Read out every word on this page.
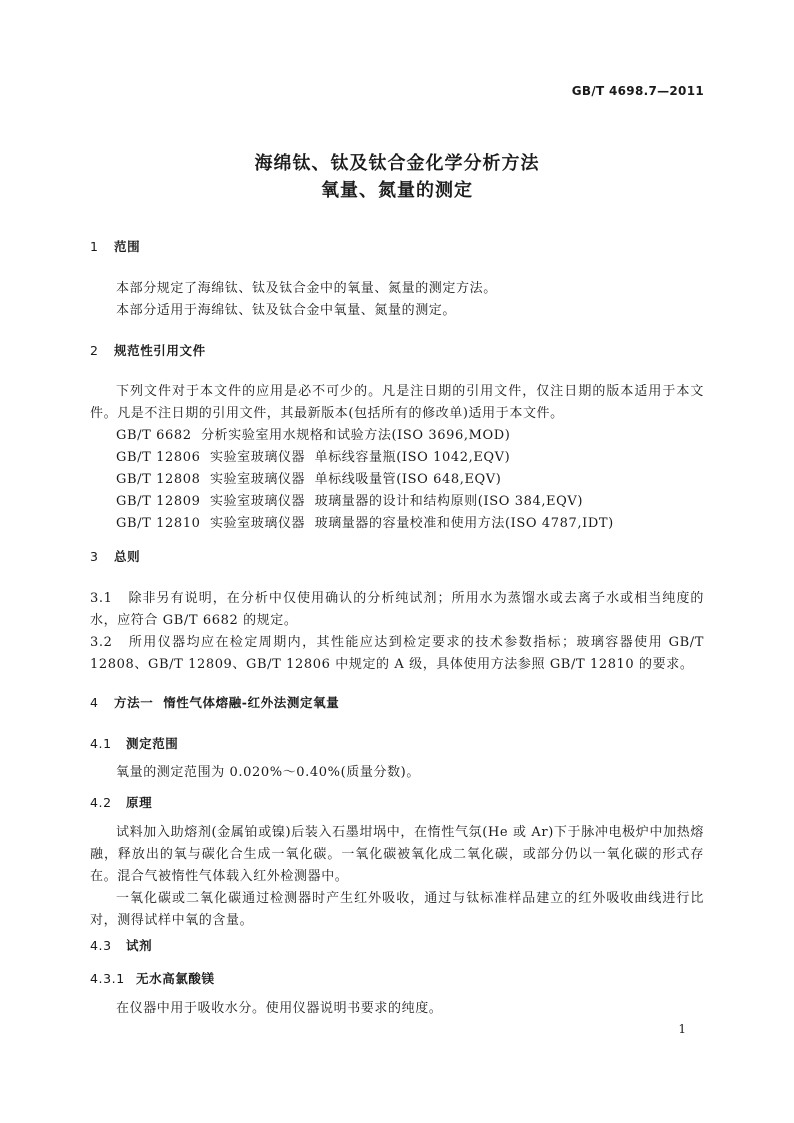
GB/T 4698.7—2011
海绵钛、钛及钛合金化学分析方法
氧量、氮量的测定
1 范围
本部分规定了海绵钛、钛及钛合金中的氧量、氮量的测定方法。
本部分适用于海绵钛、钛及钛合金中氧量、氮量的测定。
2 规范性引用文件
下列文件对于本文件的应用是必不可少的。凡是注日期的引用文件，仅注日期的版本适用于本文件。凡是不注日期的引用文件，其最新版本(包括所有的修改单)适用于本文件。
GB/T 6682  分析实验室用水规格和试验方法(ISO 3696,MOD)
GB/T 12806  实验室玻璃仪器  单标线容量瓶(ISO 1042,EQV)
GB/T 12808  实验室玻璃仪器  单标线吸量管(ISO 648,EQV)
GB/T 12809  实验室玻璃仪器  玻璃量器的设计和结构原则(ISO 384,EQV)
GB/T 12810  实验室玻璃仪器  玻璃量器的容量校准和使用方法(ISO 4787,IDT)
3 总则
3.1 除非另有说明，在分析中仅使用确认的分析纯试剂；所用水为蒸馏水或去离子水或相当纯度的水，应符合 GB/T 6682 的规定。
3.2 所用仪器均应在检定周期内，其性能应达到检定要求的技术参数指标；玻璃容器使用 GB/T 12808、GB/T 12809、GB/T 12806 中规定的 A 级，具体使用方法参照 GB/T 12810 的要求。
4 方法一  惰性气体熔融-红外法测定氧量
4.1 测定范围
氧量的测定范围为 0.020%～0.40%(质量分数)。
4.2 原理
试料加入助熔剂(金属铂或镍)后装入石墨坩埚中，在惰性气氛(He 或 Ar)下于脉冲电极炉中加热熔融，释放出的氧与碳化合生成一氧化碳。一氧化碳被氧化成二氧化碳，或部分仍以一氧化碳的形式存在。混合气被惰性气体载入红外检测器中。
一氧化碳或二氧化碳通过检测器时产生红外吸收，通过与钛标准样品建立的红外吸收曲线进行比对，测得试样中氧的含量。
4.3 试剂
4.3.1 无水高氯酸镁
在仪器中用于吸收水分。使用仪器说明书要求的纯度。
1
